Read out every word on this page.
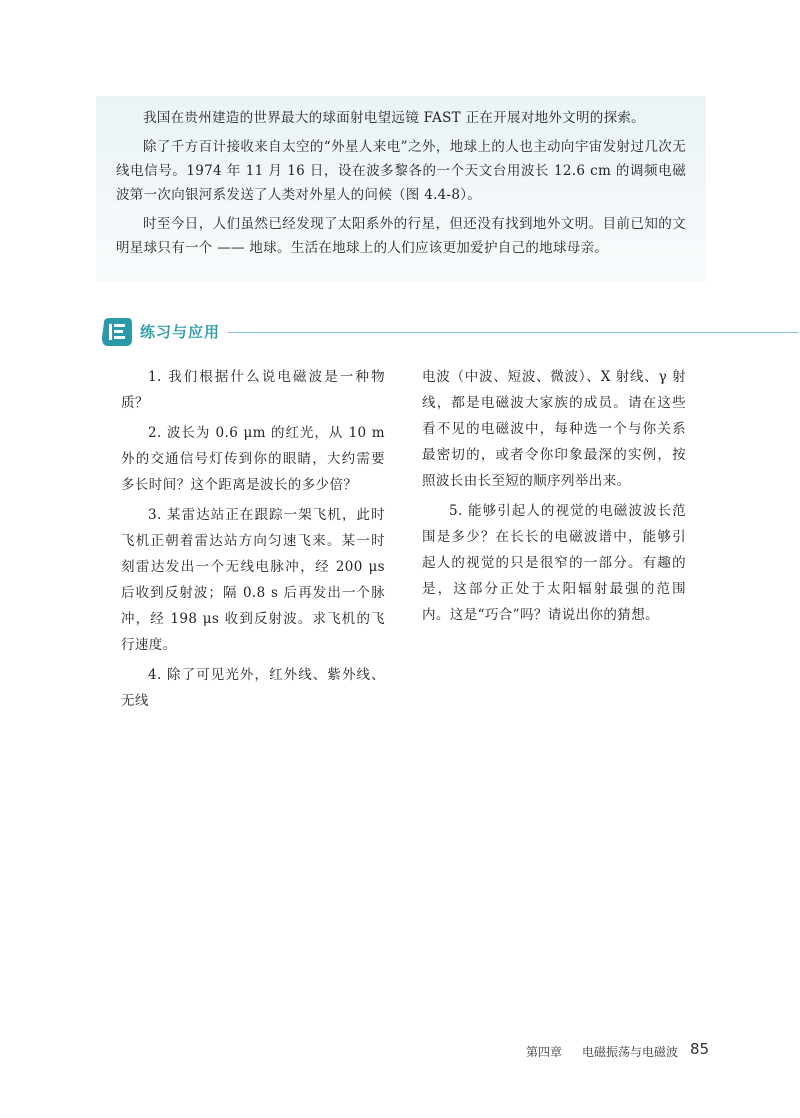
我国在贵州建造的世界最大的球面射电望远镜 FAST 正在开展对地外文明的探索。

除了千方百计接收来自太空的“外星人来电”之外，地球上的人也主动向宇宙发射过几次无线电信号。1974 年 11 月 16 日，设在波多黎各的一个天文台用波长 12.6 cm 的调频电磁波第一次向银河系发送了人类对外星人的问候（图 4.4-8）。

时至今日，人们虽然已经发现了太阳系外的行星，但还没有找到地外文明。目前已知的文明星球只有一个 —— 地球。生活在地球上的人们应该更加爱护自己的地球母亲。

练习与应用

1. 我们根据什么说电磁波是一种物质？

2. 波长为 0.6 μm 的红光，从 10 m 外的交通信号灯传到你的眼睛，大约需要多长时间？这个距离是波长的多少倍？

3. 某雷达站正在跟踪一架飞机，此时飞机正朝着雷达站方向匀速飞来。某一时刻雷达发出一个无线电脉冲，经 200 μs 后收到反射波；隔 0.8 s 后再发出一个脉冲，经 198 μs 收到反射波。求飞机的飞行速度。

4. 除了可见光外，红外线、紫外线、无线

电波（中波、短波、微波）、X 射线、γ 射线，都是电磁波大家族的成员。请在这些看不见的电磁波中，每种选一个与你关系最密切的，或者令你印象最深的实例，按照波长由长至短的顺序列举出来。

5. 能够引起人的视觉的电磁波波长范围是多少？在长长的电磁波谱中，能够引起人的视觉的只是很窄的一部分。有趣的是，这部分正处于太阳辐射最强的范围内。这是“巧合”吗？请说出你的猜想。

第四章 电磁振荡与电磁波 85
